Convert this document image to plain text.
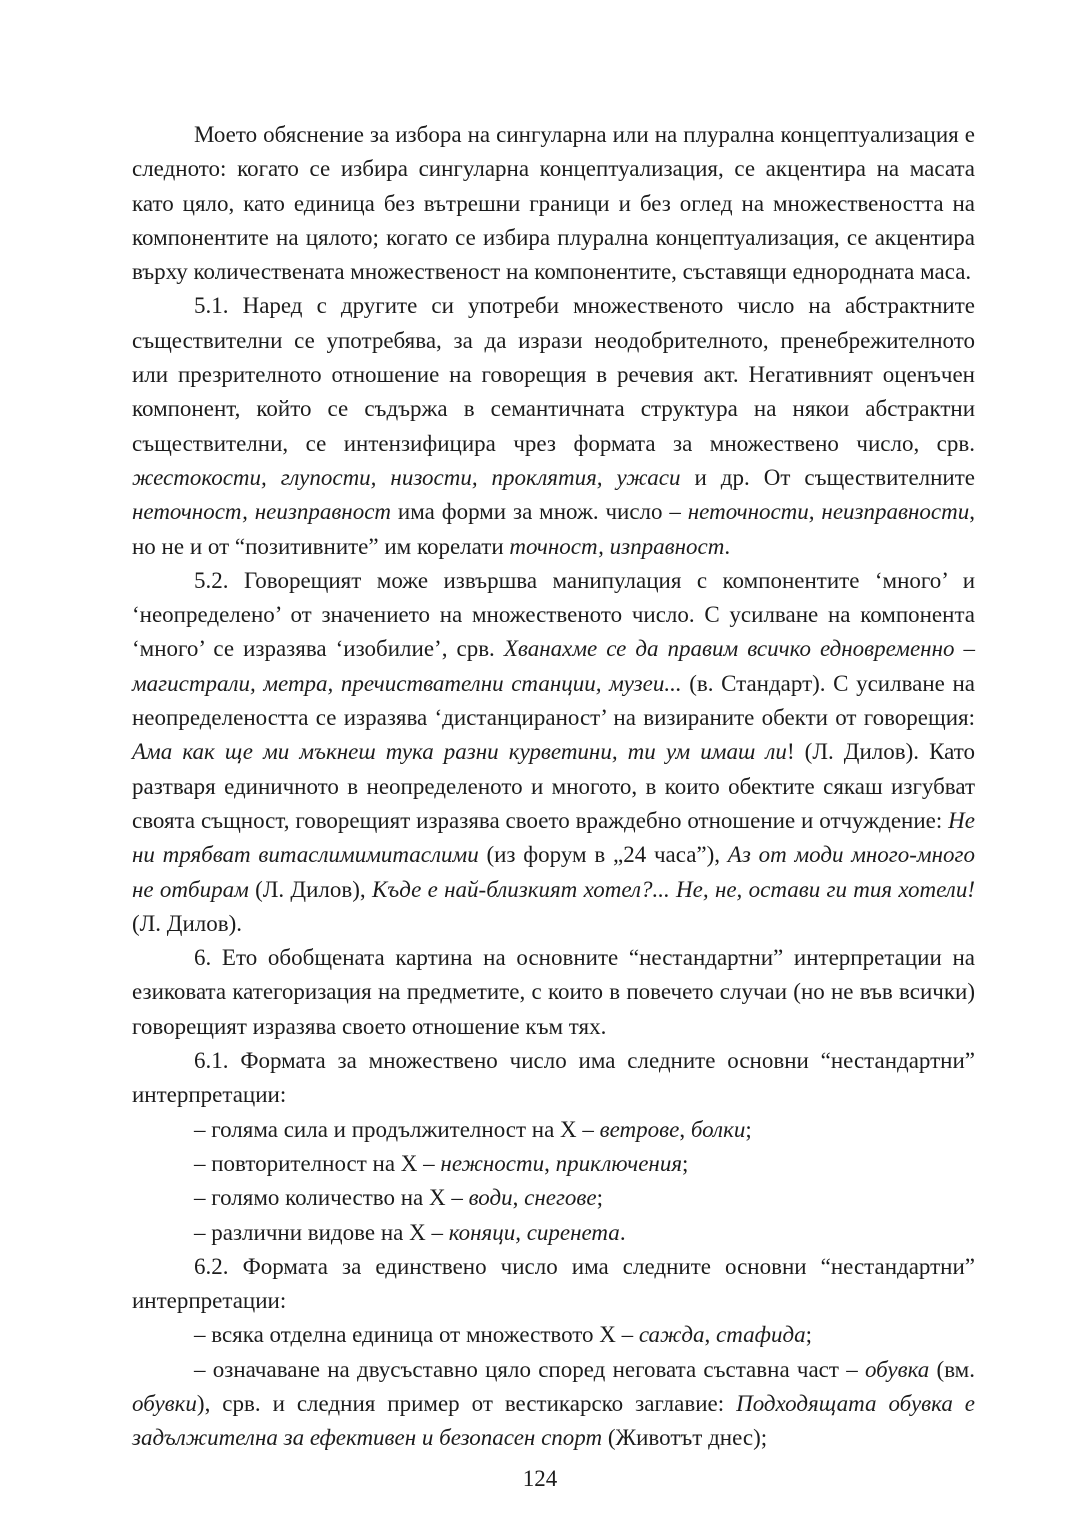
Моето обяснение за избора на сингуларна или на плурална концептуализация е следното: когато се избира сингуларна концептуализация, се акцентира на масата като цяло, като единица без вътрешни граници и без оглед на множествеността на компонентите на цялото; когато се избира плурална концептуализация, се акцентира върху количествената множественост на компонентите, съставящи еднородната маса.

5.1. Наред с другите си употреби множественото число на абстрактните съществителни се употребява, за да изрази неодобрителното, пренебрежителното или презрителното отношение на говорещия в речевия акт. Негативният оценъчен компонент, който се съдържа в семантичната структура на някои абстрактни съществителни, се интензифицира чрез формата за множествено число, срв. жестокости, глупости, низости, проклятия, ужаси и др. От съществителните неточност, неизправност има форми за множ. число – неточности, неизправности, но не и от “позитивните” им корелати точност, изправност.

5.2. Говорещият може извършва манипулация с компонентите ‘много’ и ‘неопределено’ от значението на множественото число. С усилване на компонента ‘много’ се изразява ‘изобилие’, срв. Хванахме се да правим всичко едновременно – магистрали, метра, пречиствателни станции, музеи... (в. Стандарт). С усилване на неопределеността се изразява ‘дистанцираност’ на визираните обекти от говорещия: Ама как ще ми мъкнеш тука разни курветини, ти ум имаш ли! (Л. Дилов). Като разтваря единичното в неопределеното и многото, в които обектите сякаш изгубват своята същност, говорещият изразява своето враждебно отношение и отчуждение: Не ни трябват витаслимимитаслими (из форум в „24 часа”), Аз от моди много-много не отбирам (Л. Дилов), Къде е най-близкият хотел?... Не, не, остави ги тия хотели! (Л. Дилов).

6. Ето обобщената картина на основните “нестандартни” интерпретации на езиковата категоризация на предметите, с които в повечето случаи (но не във всички) говорещият изразява своето отношение към тях.

6.1. Формата за множествено число има следните основни “нестандартни” интерпретации:

– голяма сила и продължителност на Х – ветрове, болки;

– повторителност на Х – нежности, приключения;

– голямо количество на Х – води, снегове;

– различни видове на Х – коняци, сиренета.

6.2. Формата за единствено число има следните основни “нестандартни” интерпретации:

– всяка отделна единица от множеството Х – сажда, стафида;

– означаване на двусъставно цяло според неговата съставна част – обувка (вм. обувки), срв. и следния пример от вестикарско заглавие: Подходящата обувка е задължителна за ефективен и безопасен спорт (Животът днес);

124
